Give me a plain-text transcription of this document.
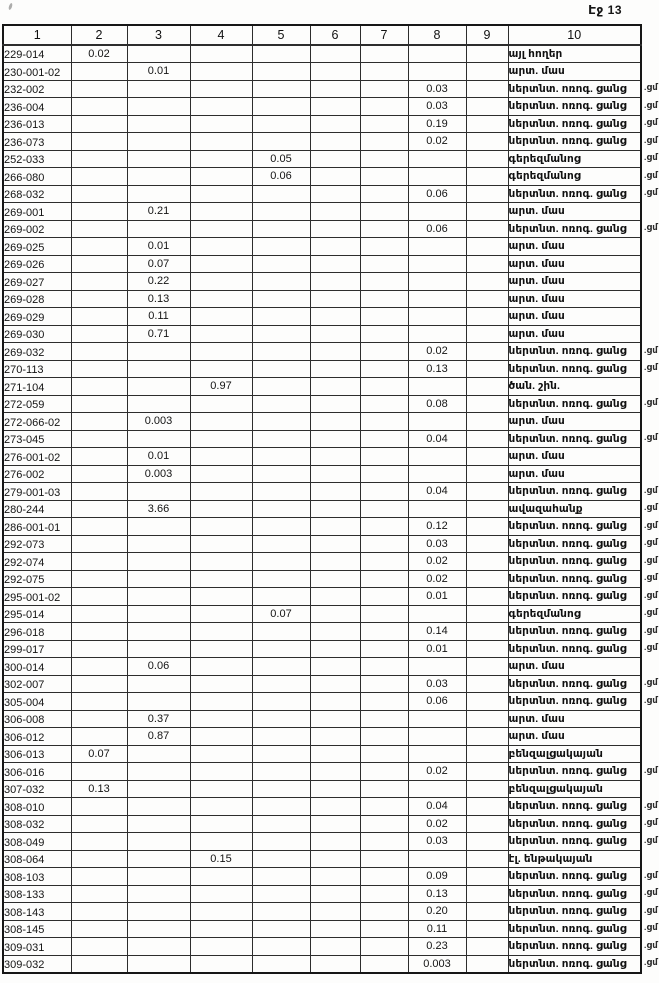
Էջ 13
1	2	3	4	5	6	7	8	9	10
229-014	0.02								այլ հողեր
230-001-02		0.01							արտ. մաս
232-002							0.03		ներտնտ. ոռոգ. ցանց
236-004							0.03		ներտնտ. ոռոգ. ցանց
236-013							0.19		ներտնտ. ոռոգ. ցանց
236-073							0.02		ներտնտ. ոռոգ. ցանց
252-033				0.05					գերեզմանոց
266-080				0.06					գերեզմանոց
268-032							0.06		ներտնտ. ոռոգ. ցանց
269-001		0.21							արտ. մաս
269-002							0.06		ներտնտ. ոռոգ. ցանց
269-025		0.01							արտ. մաս
269-026		0.07							արտ. մաս
269-027		0.22							արտ. մաս
269-028		0.13							արտ. մաս
269-029		0.11							արտ. մաս
269-030		0.71							արտ. մաս
269-032							0.02		ներտնտ. ոռոգ. ցանց
270-113							0.13		ներտնտ. ոռոգ. ցանց
271-104			0.97						ծան. շին.
272-059							0.08		ներտնտ. ոռոգ. ցանց
272-066-02		0.003							արտ. մաս
273-045							0.04		ներտնտ. ոռոգ. ցանց
276-001-02		0.01							արտ. մաս
276-002		0.003							արտ. մաս
279-001-03							0.04		ներտնտ. ոռոգ. ցանց
280-244		3.66							ավազահանք
286-001-01							0.12		ներտնտ. ոռոգ. ցանց
292-073							0.03		ներտնտ. ոռոգ. ցանց
292-074							0.02		ներտնտ. ոռոգ. ցանց
292-075							0.02		ներտնտ. ոռոգ. ցանց
295-001-02							0.01		ներտնտ. ոռոգ. ցանց
295-014				0.07					գերեզմանոց
296-018							0.14		ներտնտ. ոռոգ. ցանց
299-017							0.01		ներտնտ. ոռոգ. ցանց
300-014		0.06							արտ. մաս
302-007							0.03		ներտնտ. ոռոգ. ցանց
305-004							0.06		ներտնտ. ոռոգ. ցանց
306-008		0.37							արտ. մաս
306-012		0.87							արտ. մաս
306-013	0.07								բենզալցակայան
306-016							0.02		ներտնտ. ոռոգ. ցանց
307-032	0.13								բենզալցակայան
308-010							0.04		ներտնտ. ոռոգ. ցանց
308-032							0.02		ներտնտ. ոռոգ. ցանց
308-049							0.03		ներտնտ. ոռոգ. ցանց
308-064			0.15						էլ. ենթակայան
308-103							0.09		ներտնտ. ոռոգ. ցանց
308-133							0.13		ներտնտ. ոռոգ. ցանց
308-143							0.20		ներտնտ. ոռոգ. ցանց
308-145							0.11		ներտնտ. ոռոգ. ցանց
309-031							0.23		ներտնտ. ոռոգ. ցանց
309-032							0.003		ներտնտ. ոռոգ. ցանց
.ցմ
.ցմ
.ցմ
.ցմ
.ցմ
.ցմ
.ցմ
.ցմ
.ցմ
.ցմ
.ցմ
.ցմ
.ցմ
.ցմ
.ցմ
.ցմ
.ցմ
.ցմ
.ցմ
.ցմ
.ցմ
.ցմ
.ցմ
.ցմ
.ցմ
.ցմ
.ցմ
.ցմ
.ցմ
.ցմ
.ցմ
.ցմ
.ցմ
.ցմ
